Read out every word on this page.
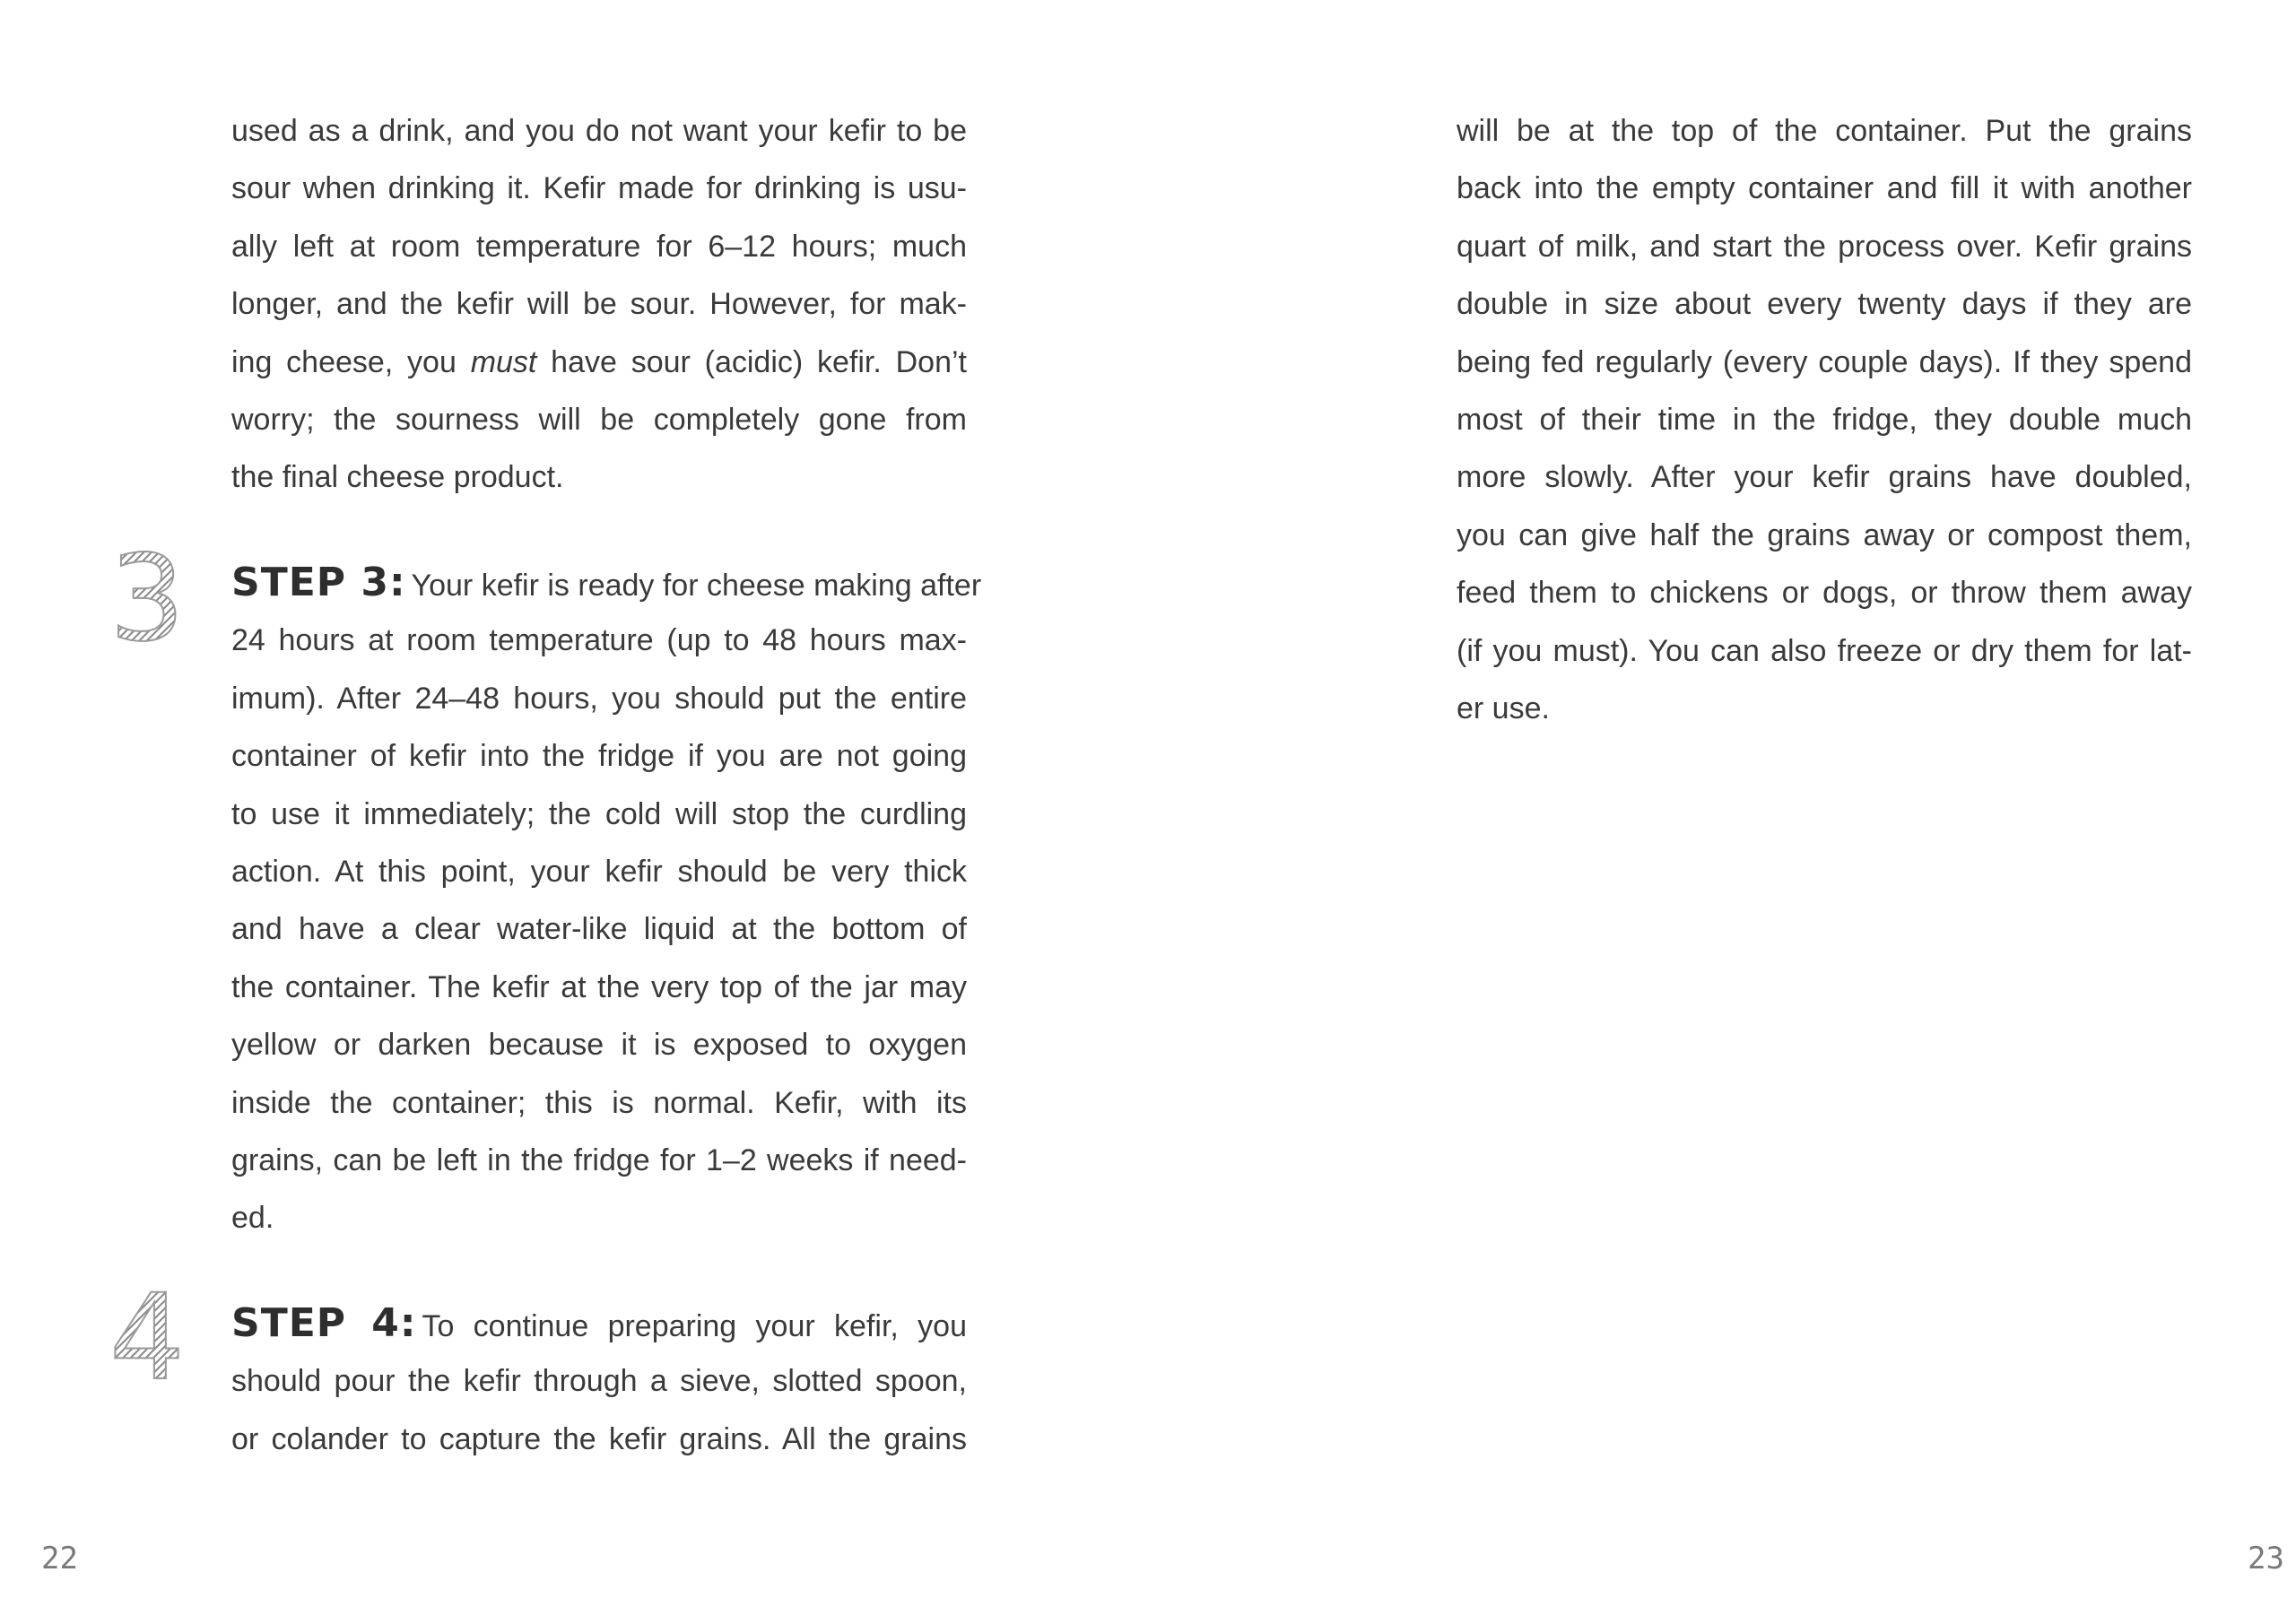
used as a drink, and you do not want your kefir to be
sour when drinking it. Kefir made for drinking is usu-
ally left at room temperature for 6–12 hours; much
longer, and the kefir will be sour. However, for mak-
ing cheese, you must have sour (acidic) kefir. Don’t
worry; the sourness will be completely gone from
the final cheese product.
3 STEP 3: Your kefir is ready for cheese making after
24 hours at room temperature (up to 48 hours max-
imum). After 24–48 hours, you should put the entire
container of kefir into the fridge if you are not going
to use it immediately; the cold will stop the curdling
action. At this point, your kefir should be very thick
and have a clear water-like liquid at the bottom of
the container. The kefir at the very top of the jar may
yellow or darken because it is exposed to oxygen
inside the container; this is normal. Kefir, with its
grains, can be left in the fridge for 1–2 weeks if need-
ed.
4 STEP 4: To continue preparing your kefir, you
should pour the kefir through a sieve, slotted spoon,
or colander to capture the kefir grains. All the grains
22
will be at the top of the container. Put the grains
back into the empty container and fill it with another
quart of milk, and start the process over. Kefir grains
double in size about every twenty days if they are
being fed regularly (every couple days). If they spend
most of their time in the fridge, they double much
more slowly. After your kefir grains have doubled,
you can give half the grains away or compost them,
feed them to chickens or dogs, or throw them away
(if you must). You can also freeze or dry them for lat-
er use.
23
